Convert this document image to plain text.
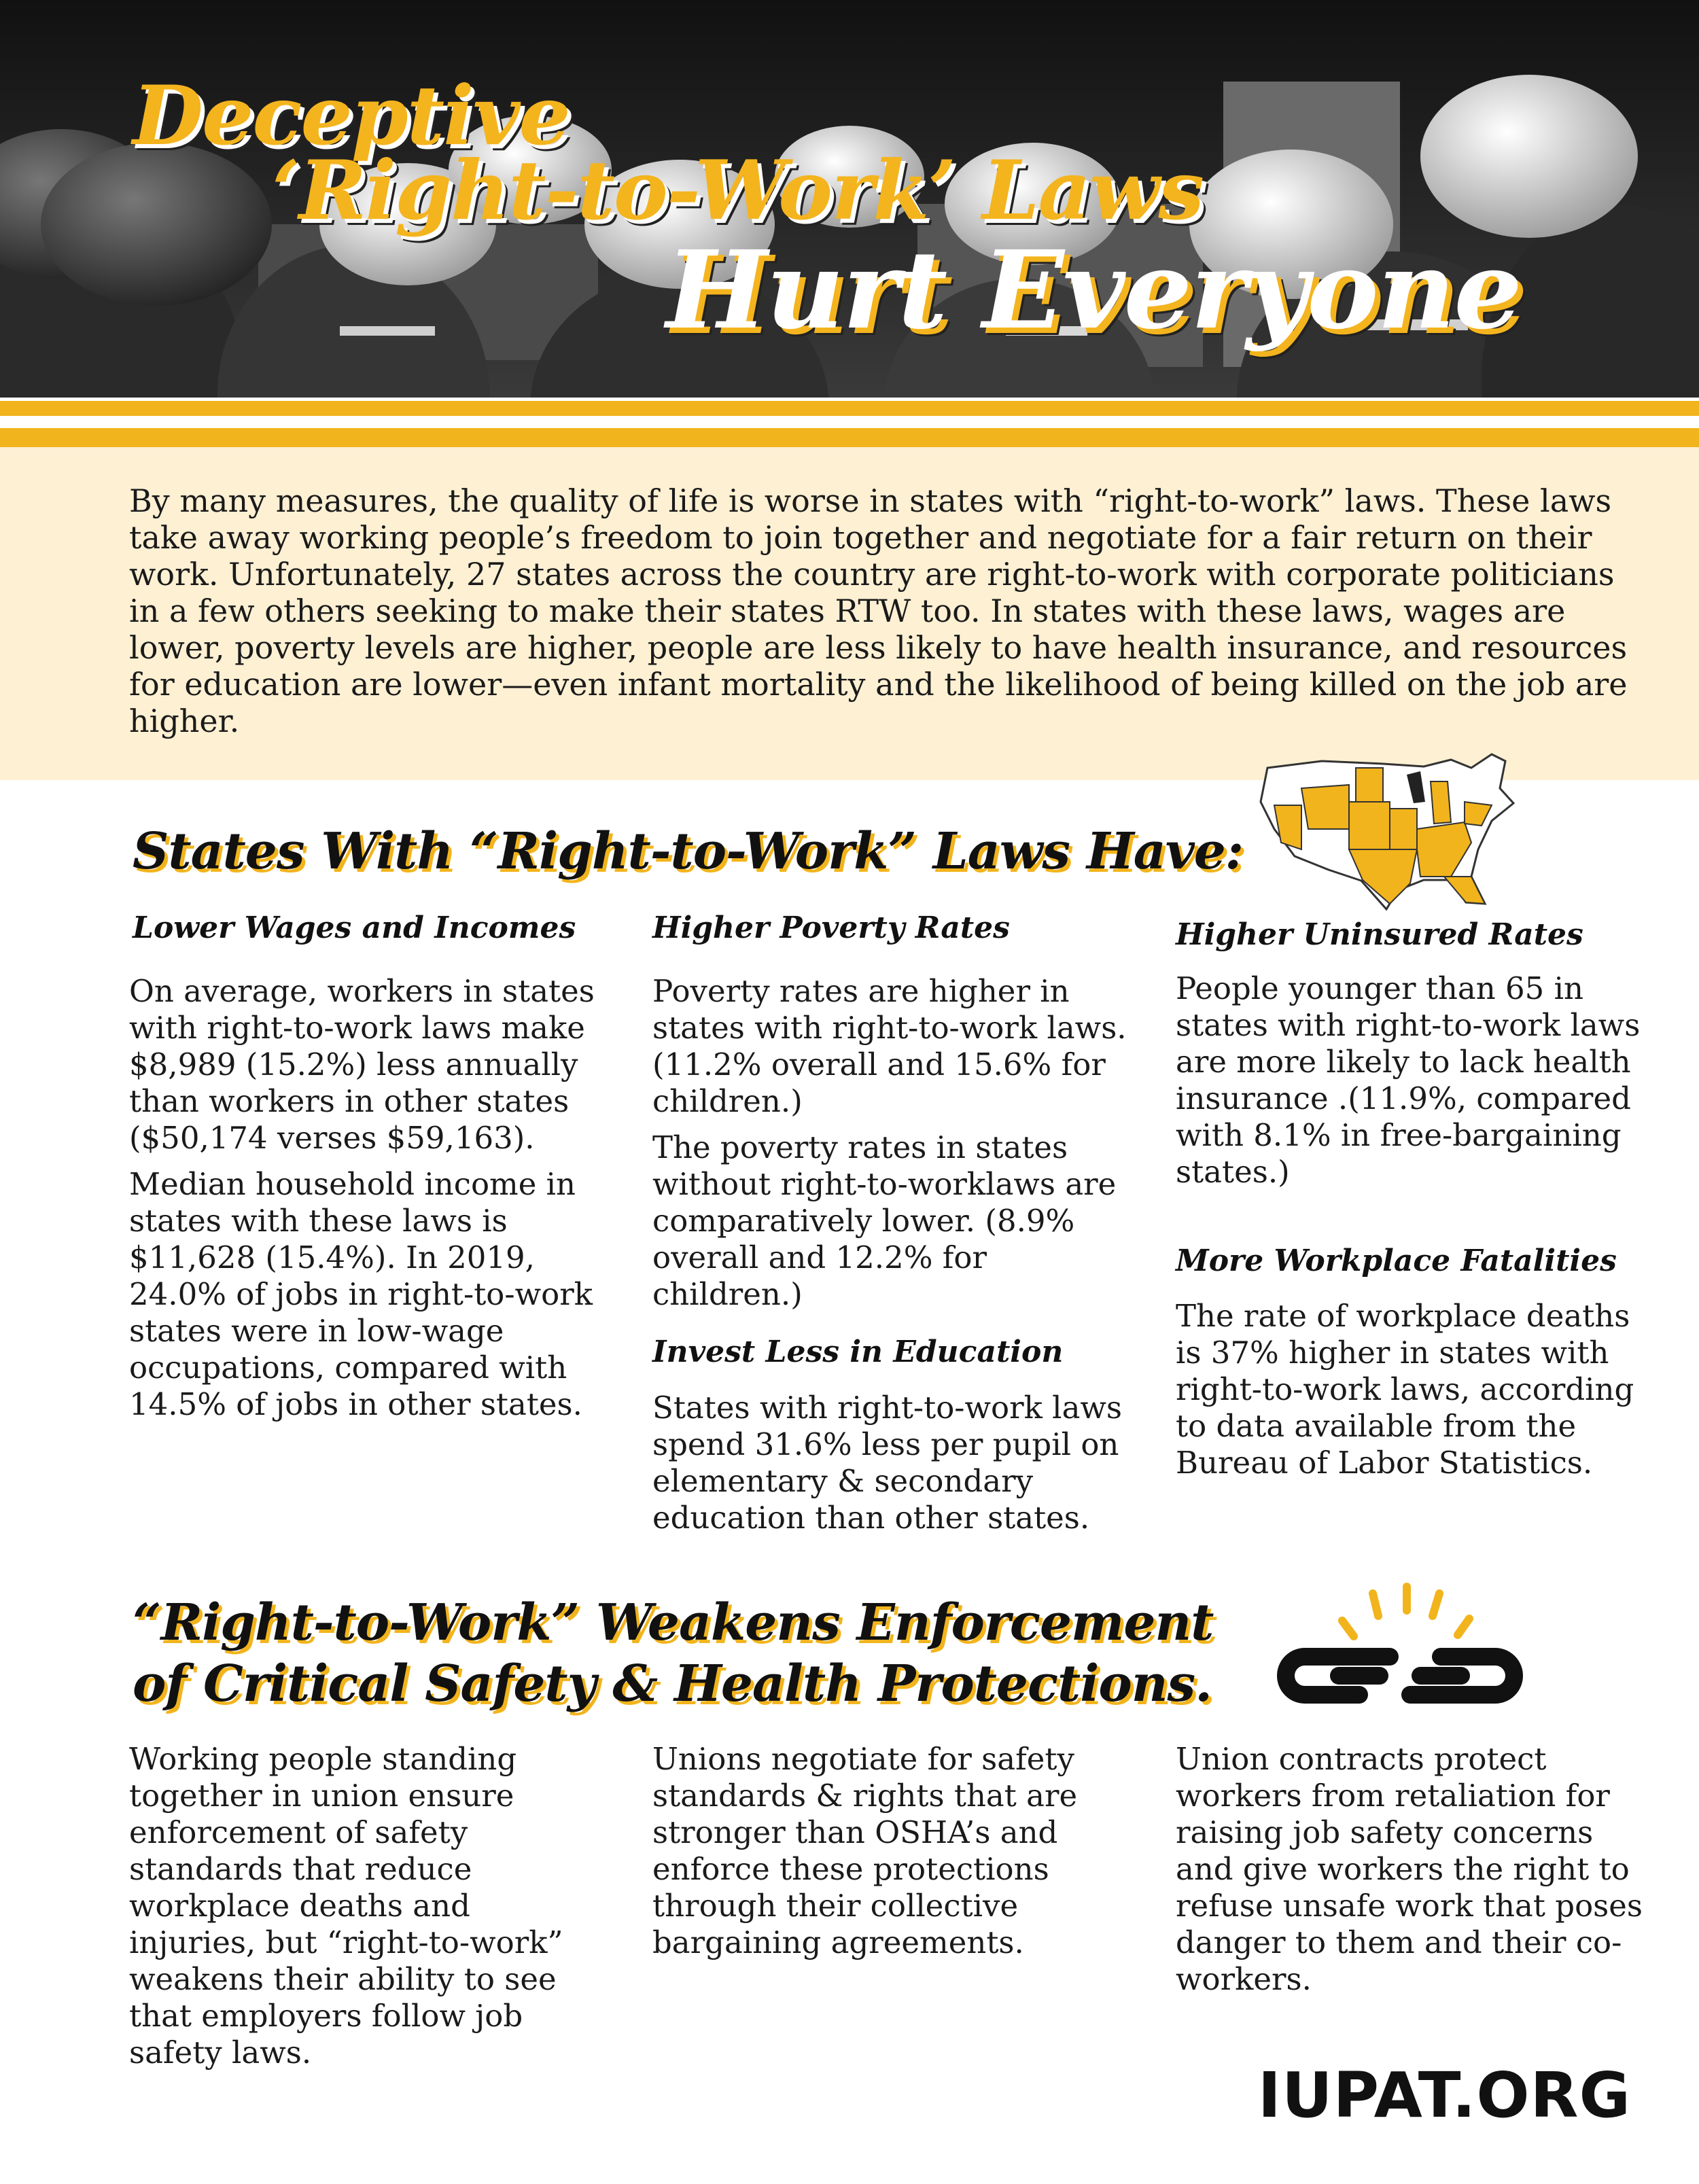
Deceptive
‘Right-to-Work’ Laws
Hurt Everyone
By many measures, the quality of life is worse in states with “right-to-work” laws. These laws take away working people’s freedom to join together and negotiate for a fair return on their work. Unfortunately, 27 states across the country are right-to-work with corporate politicians in a few others seeking to make their states RTW too. In states with these laws, wages are lower, poverty levels are higher, people are less likely to have health insurance, and resources for education are lower—even infant mortality and the likelihood of being killed on the job are higher.
States With “Right-to-Work” Laws Have:
Lower Wages and Incomes
On average, workers in states with right-to-work laws make $8,989 (15.2%) less annually than workers in other states ($50,174 verses $59,163).
Median household income in states with these laws is $11,628 (15.4%). In 2019, 24.0% of jobs in right-to-work states were in low-wage occupations, compared with 14.5% of jobs in other states.
Higher Poverty Rates
Poverty rates are higher in states with right-to-work laws. (11.2% overall and 15.6% for children.)
The poverty rates in states without right-to-worklaws are comparatively lower. (8.9% overall and 12.2% for children.)
Invest Less in Education
States with right-to-work laws spend 31.6% less per pupil on elementary & secondary education than other states.
Higher Uninsured Rates
People younger than 65 in states with right-to-work laws are more likely to lack health insurance .(11.9%, compared with 8.1% in free-bargaining states.)
More Workplace Fatalities
The rate of workplace deaths is 37% higher in states with right-to-work laws, according to data available from the Bureau of Labor Statistics.
“Right-to-Work” Weakens Enforcement
of Critical Safety & Health Protections.
Working people standing together in union ensure enforcement of safety standards that reduce workplace deaths and injuries, but “right-to-work” weakens their ability to see that employers follow job safety laws.
Unions negotiate for safety standards & rights that are stronger than OSHA’s and enforce these protections through their collective bargaining agreements.
Union contracts protect workers from retaliation for raising job safety concerns and give workers the right to refuse unsafe work that poses danger to them and their co-workers.
IUPAT.ORG
